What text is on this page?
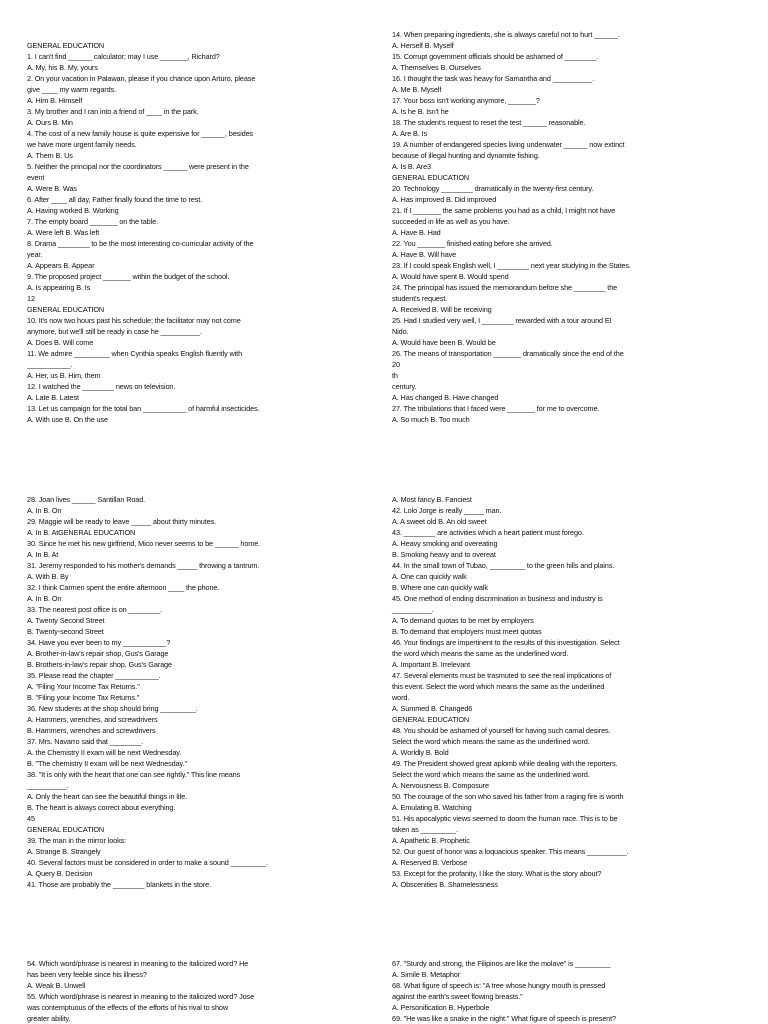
GENERAL EDUCATION
1. I can't find ______ calculator; may I use _______, Richard?
A. My, his B. My, yours
2. On your vacation in Palawan, please if you chance upon Arturo, please
give ____ my warm regards.
A. Him B. Himself
3. My brother and I ran into a friend of ____ in the park.
A. Ours B. Min
4. The cost of a new family house is quite expensive for ______, besides
we have more urgent family needs.
A. Them B. Us
5. Neither the principal nor the coordinators ______ were present in the
event
A. Were B. Was
6. After ____ all day, Father finally found the time to rest.
A. Having worked B. Working
7. The empty board _______ on the table.
A. Were left B. Was left
8. Drama ________ to be the most interesting co-curricular activity of the
year.
A. Appears B. Appear
9. The proposed project _______ within the budget of the school.
A. Is appearing B. Is
12
GENERAL EDUCATION
10. It's now two hours past his schedule; the facilitator may not come
anymore, but we'll still be ready in case he __________.
A. Does B. Will come
11. We admire _________ when Cynthia speaks English fluently with
___________.
A. Her, us B. Him, them
12. I watched the ________ news on television.
A. Late B. Latest
13. Let us campaign for the total ban ___________ of harmful insecticides.
A. With use B. On the use
14. When preparing ingredients, she is always careful not to hurt ______.
A. Herself B. Myself
15. Corrupt government officials should be ashamed of ________.
A. Themselves B. Ourselves
16. I thought the task was heavy for Samantha and __________.
A. Me B. Myself
17. Your boss isn't working anymore, _______?
A. Is he B. Isn't he
18. The student's request to reset the test ______ reasonable.
A. Are B. Is
19. A number of endangered species living underwater ______ now extinct
because of illegal hunting and dynamite fishing.
A. Is B. Are3
GENERAL EDUCATION
20. Technology ________ dramatically in the twenty-first century.
A. Has improved B. Did improved
21. If I _______ the same problems you had as a child, I might not have
succeeded in life as well as you have.
A. Have B. Had
22. You _______ finished eating before she arrived.
A. Have B. Will have
23. If I could speak English well, I ________ next year studying in the States.
A. Would have spent B. Would spend
24. The principal has issued the memorandum before she ________ the
student's request.
A. Received B. Will be receiving
25. Had I studied very well, I ________ rewarded with a tour around El
Nido.
A. Would have been B. Would be
26. The means of transportation _______ dramatically since the end of the
20
th
century.
A. Has changed B. Have changed
27. The tribulations that I faced were _______ for me to overcome.
A. So much B. Too much
28. Joan lives ______ Santillan Road.
A. In B. On
29. Maggie will be ready to leave _____ about thirty minutes.
A. In B. AtGENERAL EDUCATION
30. Since he met his new girlfriend, Mico never seems to be ______ home.
A. In B. At
31. Jeremy responded to his mother's demands _____ throwing a tantrum.
A. With B. By
32. I think Carmen spent the entire afternoon ____ the phone.
A. In B. On
33. The nearest post office is on ________.
A. Twenty Second Street
B. Twenty-second Street
34. Have you ever been to my ___________?
A. Brother-in-law's repair shop, Gus's Garage
B. Brothers-in-law's repair shop, Gus's Garage
35. Please read the chapter ___________.
A. "Filing Your Income Tax Returns."
B. "Filing your Income Tax Returns."
36. New students at the shop should bring _________.
A. Hammers, wrenches, and screwdrivers
B. Hammers, wrenches and screwdrivers
37. Mrs. Navarro said that ________.
A. the Chemistry II exam will be next Wednesday.
B. "The chemistry II exam will be next Wednesday."
38. "It is only with the heart that one can see rightly." This line means
__________.
A. Only the heart can see the beautiful things in life.
B. The heart is always correct about everything.
45
GENERAL EDUCATION
39. The man in the mirror looks:
A. Strange B. Strangely
40. Several factors must be considered in order to make a sound _________.
A. Query B. Decision
41. Those are probably the ________ blankets in the store.
A. Most fancy B. Fanciest
42. Lolo Jorge is really _____ man.
A. A sweet old B. An old sweet
43. ________ are activities which a heart patient must forego.
A. Heavy smoking and overeating
B. Smoking heavy and to overeat
44. In the small town of Tubao, _________ to the green hills and plains.
A. One can quickly walk
B. Where one can quickly walk
45. One method of ending discrimination in business and industry is
__________.
A. To demand quotas to be met by employers
B. To demand that employers must meet quotas
46. Your findings are impertinent to the results of this investigation. Select
the word which means the same as the underlined word.
A. Important B. Irrelevant
47. Several elements must be trasmuted to see the real implications of
this event. Select the word which means the same as the underlined
word.
A. Summed B. Changed6
GENERAL EDUCATION
48. You should be ashamed of yourself for having such carnal desires.
Select the word which means the same as the underlined word.
A. Worldly B. Bold
49. The President showed great aplomb while dealing with the reporters.
Select the word which means the same as the underlined word.
A. Nervousness B. Composure
50. The courage of the son who saved his father from a raging fire is worth
A. Emulating B. Watching
51. His apocalyptic views seemed to doom the human race. This is to be
taken as _________.
A. Apathetic B. Prophetic
52. Our guest of honor was a loquacious speaker. This means __________.
A. Reserved B. Verbose
53. Except for the profanity, I like the story. What is the story about?
A. Obscenities B. Shamelessness
54. Which word/phrase is nearest in meaning to the italicized word? He
has been very feeble since his illness?
A. Weak B. Unwell
55. Which word/phrase is nearest in meaning to the italicized word? Jose
was contemptuous of the effects of the efforts of his rival to show
greater ability.
67. "Sturdy and strong, the Filipinos are like the molave" is _________
A. Simile B. Metaphor
68. What figure of speech is: "A tree whose hungry mouth is pressed
against the earth's sweet flowing breasts."
A. Personification B. Hyperbole
69. "He was like a snake in the night." What figure of speech is present?
